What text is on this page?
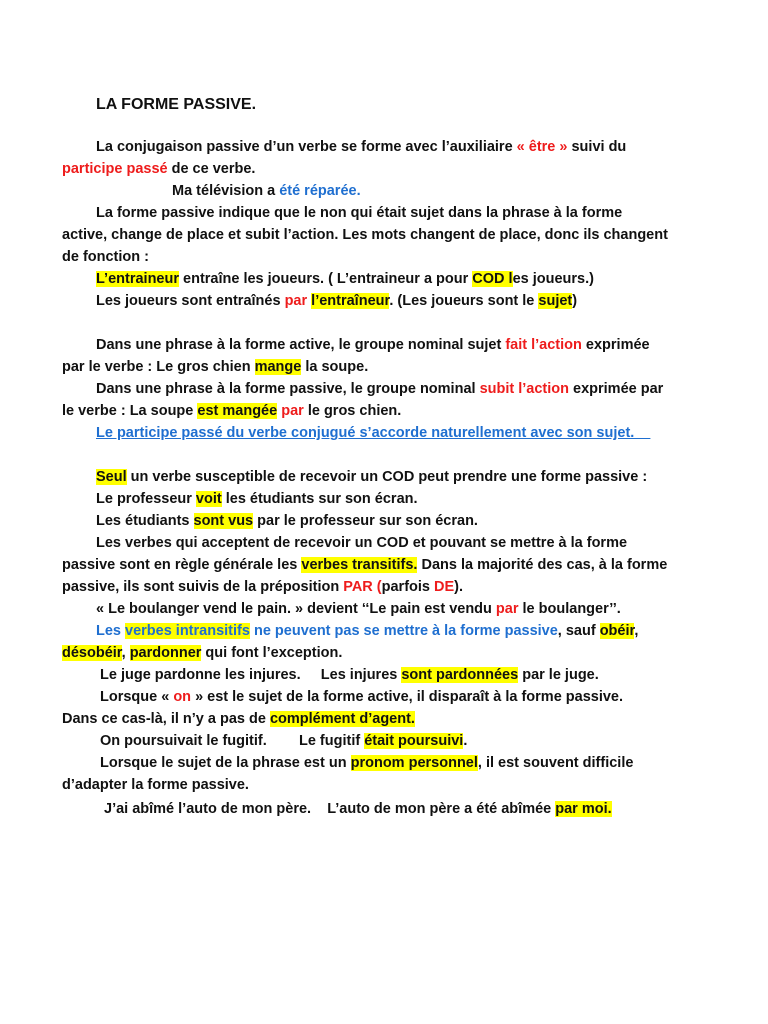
LA FORME PASSIVE.
La conjugaison passive d’un verbe se forme avec l’auxiliaire « être » suivi du
participe passé de ce verbe.
Ma télévision a été réparée.
La forme passive indique que le non qui était sujet dans la phrase à la forme
active, change de place et subit l’action. Les mots changent de place, donc ils changent
de fonction :
L’entraineur entraîne les joueurs. ( L’entraineur a pour COD les joueurs.)
Les joueurs sont entraînés par l’entraîneur. (Les joueurs sont le sujet)
Dans une phrase à la forme active, le groupe nominal sujet fait l’action exprimée
par le verbe : Le gros chien mange la soupe.
Dans une phrase à la forme passive, le groupe nominal subit l’action exprimée par
le verbe : La soupe est mangée par le gros chien.
Le participe passé du verbe conjugué s’accorde naturellement avec son sujet.
Seul un verbe susceptible de recevoir un COD peut prendre une forme passive :
Le professeur voit les étudiants sur son écran.
Les étudiants sont vus par le professeur sur son écran.
Les verbes qui acceptent de recevoir un COD et pouvant se mettre à la forme
passive sont en règle générale les verbes transitifs. Dans la majorité des cas, à la forme
passive, ils sont suivis de la préposition PAR (parfois DE).
« Le boulanger vend le pain. » devient ‘‘Le pain est vendu par le boulanger’’.
Les verbes intransitifs ne peuvent pas se mettre à la forme passive, sauf obéir,
désobéir, pardonner qui font l’exception.
Le juge pardonne les injures.     Les injures sont pardonnées par le juge.
Lorsque « on » est le sujet de la forme active, il disparaît à la forme passive.
Dans ce cas-là, il n’y a pas de complément d’agent.
On poursuivait le fugitif.        Le fugitif était poursuivi.
Lorsque le sujet de la phrase est un pronom personnel, il est souvent difficile
d’adapter la forme passive.
J’ai abîmé l’auto de mon père.    L’auto de mon père a été abîmée par moi.
